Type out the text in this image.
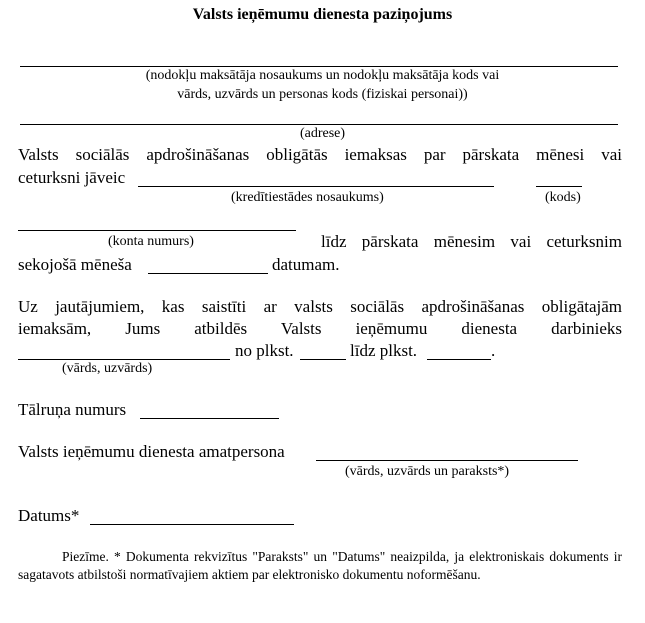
Valsts ieņēmumu dienesta paziņojums
(nodokļu maksātāja nosaukums un nodokļu maksātāja kods vai
vārds, uzvārds un personas kods (fiziskai personai))
(adrese)
Valsts sociālās apdrošināšanas obligātās iemaksas par pārskata mēnesi vai
ceturksni jāveic
(kredītiestādes nosaukums)	(kods)
(konta numurs)	līdz pārskata mēnesim vai ceturksnim
sekojošā mēneša	datumam.
Uz jautājumiem, kas saistīti ar valsts sociālās apdrošināšanas obligātajām
iemaksām, Jums atbildēs Valsts ieņēmumu dienesta darbinieks
no plkst.	līdz plkst.	.
(vārds, uzvārds)
Tālruņa numurs
Valsts ieņēmumu dienesta amatpersona
(vārds, uzvārds un paraksts*)
Datums*
Piezīme. * Dokumenta rekvizītus "Paraksts" un "Datums" neaizpilda, ja elektroniskais dokuments ir sagatavots atbilstoši normatīvajiem aktiem par elektronisko dokumentu noformēšanu.
